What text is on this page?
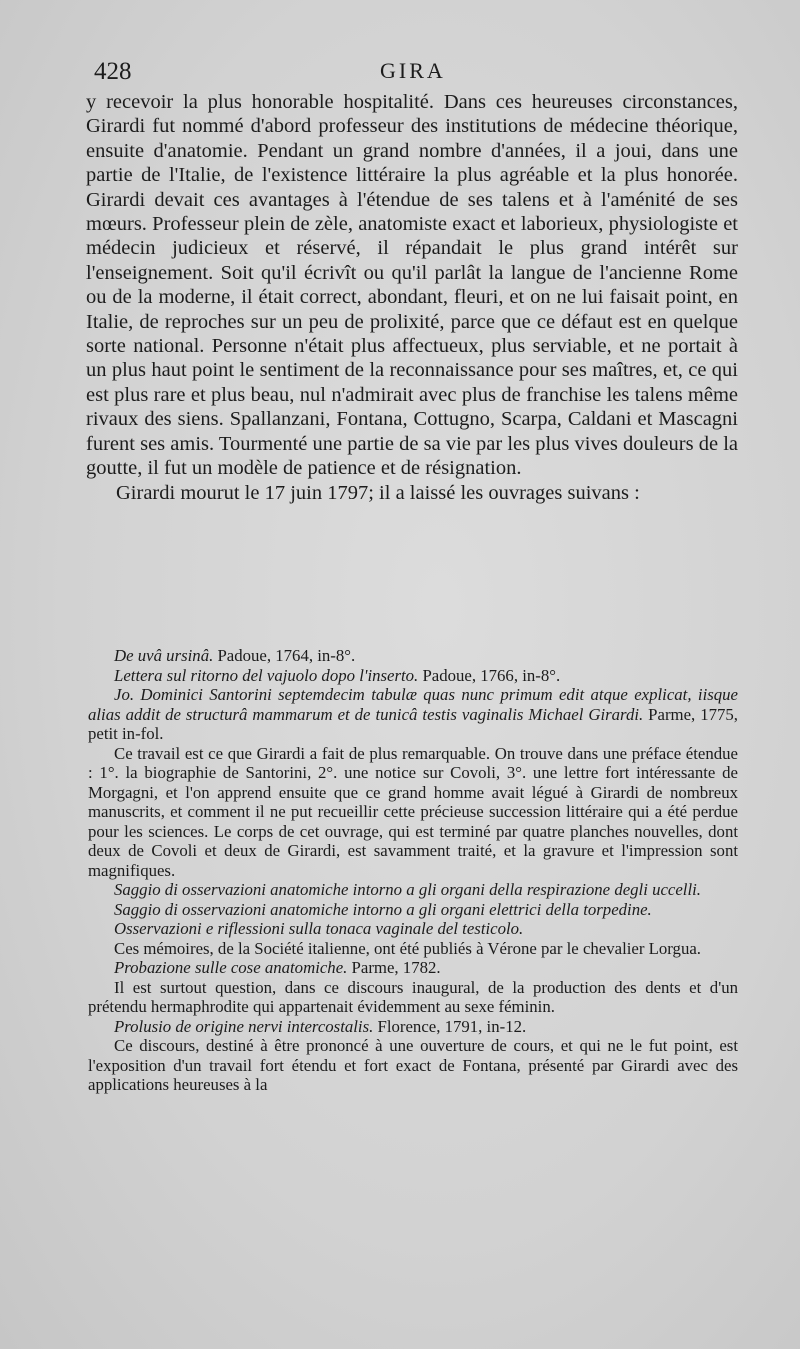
428	GIRA

y recevoir la plus honorable hospitalité. Dans ces heureuses circonstances, Girardi fut nommé d'abord professeur des institutions de médecine théorique, ensuite d'anatomie. Pendant un grand nombre d'années, il a joui, dans une partie de l'Italie, de l'existence littéraire la plus agréable et la plus honorée. Girardi devait ces avantages à l'étendue de ses talens et à l'aménité de ses mœurs. Professeur plein de zèle, anatomiste exact et laborieux, physiologiste et médecin judicieux et réservé, il répandait le plus grand intérêt sur l'enseignement. Soit qu'il écrivît ou qu'il parlât la langue de l'ancienne Rome ou de la moderne, il était correct, abondant, fleuri, et on ne lui faisait point, en Italie, de reproches sur un peu de prolixité, parce que ce défaut est en quelque sorte national. Personne n'était plus affectueux, plus serviable, et ne portait à un plus haut point le sentiment de la reconnaissance pour ses maîtres, et, ce qui est plus rare et plus beau, nul n'admirait avec plus de franchise les talens même rivaux des siens. Spallanzani, Fontana, Cottugno, Scarpa, Caldani et Mascagni furent ses amis. Tourmenté une partie de sa vie par les plus vives douleurs de la goutte, il fut un modèle de patience et de résignation.

Girardi mourut le 17 juin 1797; il a laissé les ouvrages suivans :

De uvâ ursinâ. Padoue, 1764, in-8°.

Lettera sul ritorno del vajuolo dopo l'inserto. Padoue, 1766, in-8°.

Jo. Dominici Santorini septemdecim tabulæ quas nunc primum edit atque explicat, iisque alias addit de structurâ mammarum et de tunicâ testis vaginalis Michael Girardi. Parme, 1775, petit in-fol.

Ce travail est ce que Girardi a fait de plus remarquable. On trouve dans une préface étendue : 1°. la biographie de Santorini, 2°. une notice sur Covoli, 3°. une lettre fort intéressante de Morgagni, et l'on apprend ensuite que ce grand homme avait légué à Girardi de nombreux manuscrits, et comment il ne put recueillir cette précieuse succession littéraire qui a été perdue pour les sciences. Le corps de cet ouvrage, qui est terminé par quatre planches nouvelles, dont deux de Covoli et deux de Girardi, est savamment traité, et la gravure et l'impression sont magnifiques.

Saggio di osservazioni anatomiche intorno a gli organi della respirazione degli uccelli.

Saggio di osservazioni anatomiche intorno a gli organi elettrici della torpedine.

Osservazioni e riflessioni sulla tonaca vaginale del testicolo.

Ces mémoires, de la Société italienne, ont été publiés à Vérone par le chevalier Lorgua.

Probazione sulle cose anatomiche. Parme, 1782.

Il est surtout question, dans ce discours inaugural, de la production des dents et d'un prétendu hermaphrodite qui appartenait évidemment au sexe féminin.

Prolusio de origine nervi intercostalis. Florence, 1791, in-12.

Ce discours, destiné à être prononcé à une ouverture de cours, et qui ne le fut point, est l'exposition d'un travail fort étendu et fort exact de Fontana, présenté par Girardi avec des applications heureuses à la
